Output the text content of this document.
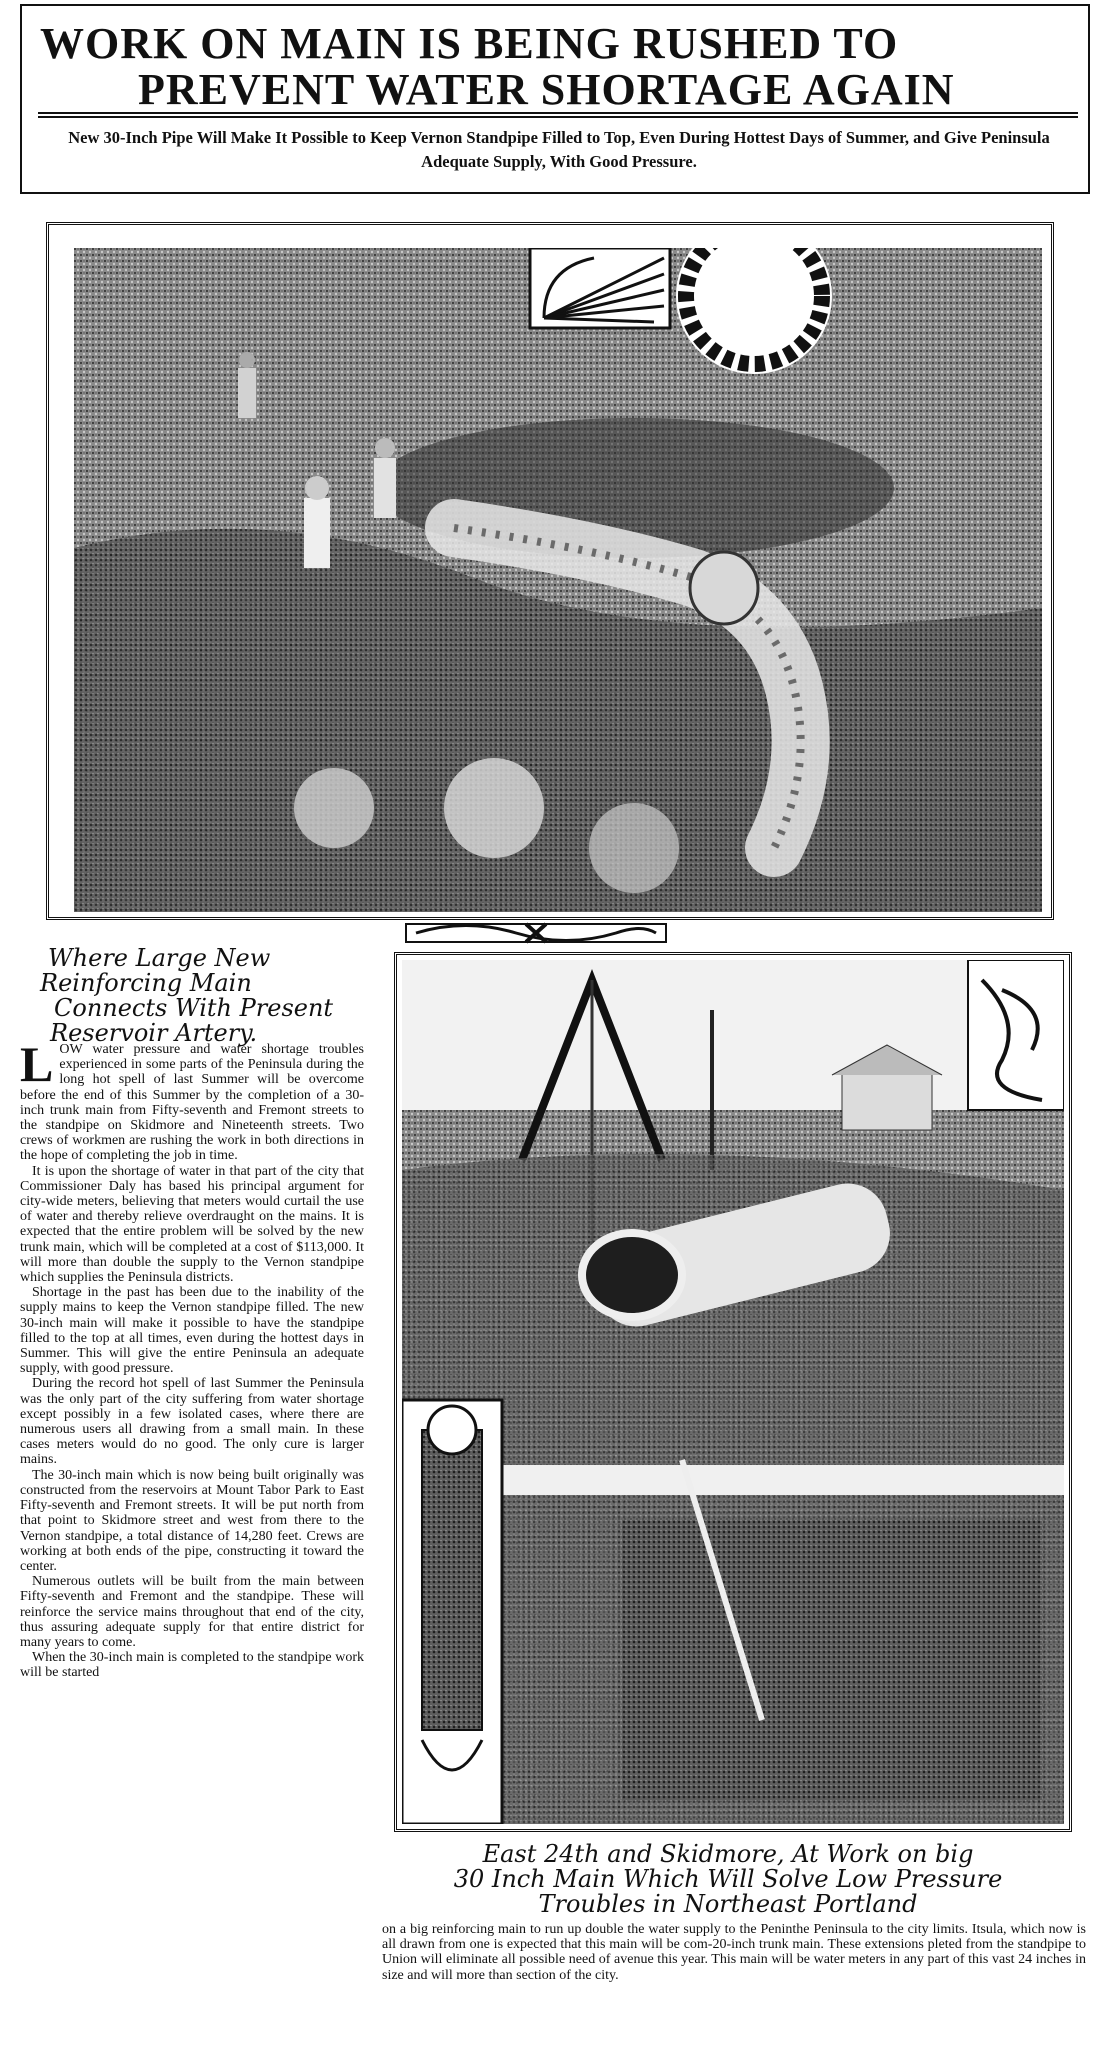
WORK ON MAIN IS BEING RUSHED TO
PREVENT WATER SHORTAGE AGAIN
New 30-Inch Pipe Will Make It Possible to Keep Vernon Standpipe Filled to Top, Even During Hottest Days of Summer, and Give Peninsula Adequate Supply, With Good Pressure.
Where Large New
Reinforcing Main
Connects With Present
Reservoir Artery.
East 24th and Skidmore, At Work on big
30 Inch Main Which Will Solve Low Pressure
Troubles in Northeast Portland

LOW water pressure and water shortage troubles experienced in some parts of the Peninsula during the long hot spell of last Summer will be overcome before the end of this Summer by the completion of a 30-inch trunk main from Fifty-seventh and Fremont streets to the standpipe on Skidmore and Nineteenth streets. Two crews of workmen are rushing the work in both directions in the hope of completing the job in time.

It is upon the shortage of water in that part of the city that Commissioner Daly has based his principal argument for city-wide meters, believing that meters would curtail the use of water and thereby relieve overdraught on the mains. It is expected that the entire problem will be solved by the new trunk main, which will be completed at a cost of $113,000. It will more than double the supply to the Vernon standpipe which supplies the Peninsula districts.

Shortage in the past has been due to the inability of the supply mains to keep the Vernon standpipe filled. The new 30-inch main will make it possible to have the standpipe filled to the top at all times, even during the hottest days in Summer. This will give the entire Peninsula an adequate supply, with good pressure.

During the record hot spell of last Summer the Peninsula was the only part of the city suffering from water shortage except possibly in a few isolated cases, where there are numerous users all drawing from a small main. In these cases meters would do no good. The only cure is larger mains.

The 30-inch main which is now being built originally was constructed from the reservoirs at Mount Tabor Park to East Fifty-seventh and Fremont streets. It will be put north from that point to Skidmore street and west from there to the Vernon standpipe, a total distance of 14,280 feet. Crews are working at both ends of the pipe, constructing it toward the center.

Numerous outlets will be built from the main between Fifty-seventh and Fremont and the standpipe. These will reinforce the service mains throughout that end of the city, thus assuring adequate supply for that entire district for many years to come.

When the 30-inch main is completed to the standpipe work will be started

on a big reinforcing main to run up double the water supply to the Peninthe Peninsula to the city limits. Itsula, which now is all drawn from one is expected that this main will be com-20-inch trunk main. These extensions pleted from the standpipe to Union will eliminate all possible need of avenue this year. This main will be water meters in any part of this vast 24 inches in size and will more than section of the city.
